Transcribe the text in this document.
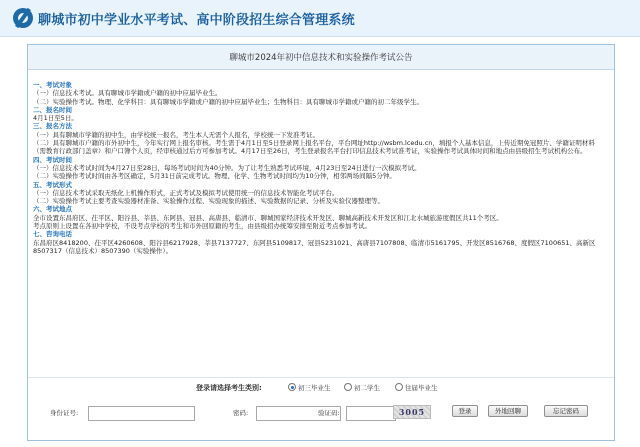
聊城市初中学业水平考试、高中阶段招生综合管理系统
聊城市2024年初中信息技术和实验操作考试公告

一、考试对象

（一）信息技术考试。具有聊城市学籍或户籍的初中应届毕业生。

（二）实验操作考试。物理、化学科目：具有聊城市学籍或户籍的初中应届毕业生；生物科目：具有聊城市学籍或户籍的初二年级学生。

二、报名时间

4月1日至5日。

三、报名方法

（一）具有聊城市学籍的初中生，由学校统一报名，考生本人无需个人报名，学校统一下发准考证。

（二）具有聊城市户籍的市外初中生，今年实行网上报名审核。考生需于4月1日至5日登录网上报名平台，平台网址http://wsbm.lcedu.cn，填报个人基本信息，上传近期免冠照片、学籍证明材料（需教育行政部门盖章）和户口簿个人页，经审核通过后方可参加考试。4月17日至26日，考生登录报名平台打印信息技术考试准考证，实验操作考试具体时间和地点由县级招生考试机构公布。

四、考试时间

（一）信息技术考试时间为4月27日至28日，每场考试时间为40分钟。为了让考生熟悉考试环境，4月23日至24日进行一次模拟考试。

（二）实验操作考试时间由各考区确定，5月31日前完成考试。物理、化学、生物考试时间均为10分钟，相邻两场间隔5分钟。

五、考试形式

（一）信息技术考试采取无纸化上机操作形式，正式考试及模拟考试使用统一的信息技术智能化考试平台。

（二）实验操作考试主要考查实验器材准备、实验操作过程、实验现象的描述、实验数据的记录、分析及实验仪器整理等。

六、考试地点

全市设置东昌府区、茌平区、阳谷县、莘县、东阿县、冠县、高唐县、临清市、聊城国家经济技术开发区、聊城高新技术开发区和江北水城旅游度假区共11个考区。

考点原则上设置在各初中学校，不设考点学校的考生和市外回原籍的考生，由县级招办统筹安排至附近考点参加考试。

七、咨询电话

东昌府区8418200、茌平区4260608、阳谷县6217928、莘县7137727、东阿县5109817、冠县5231021、高唐县7107808、临清市5161795、开发区8516768、度假区7100651、高新区8507317（信息技术）8507390（实验操作）。

登录请选择考生类别:	初三毕业生	初二学生	往届毕业生
身份证号:	密码:	验证码:	3005	登录	外地回聊	忘记密码
